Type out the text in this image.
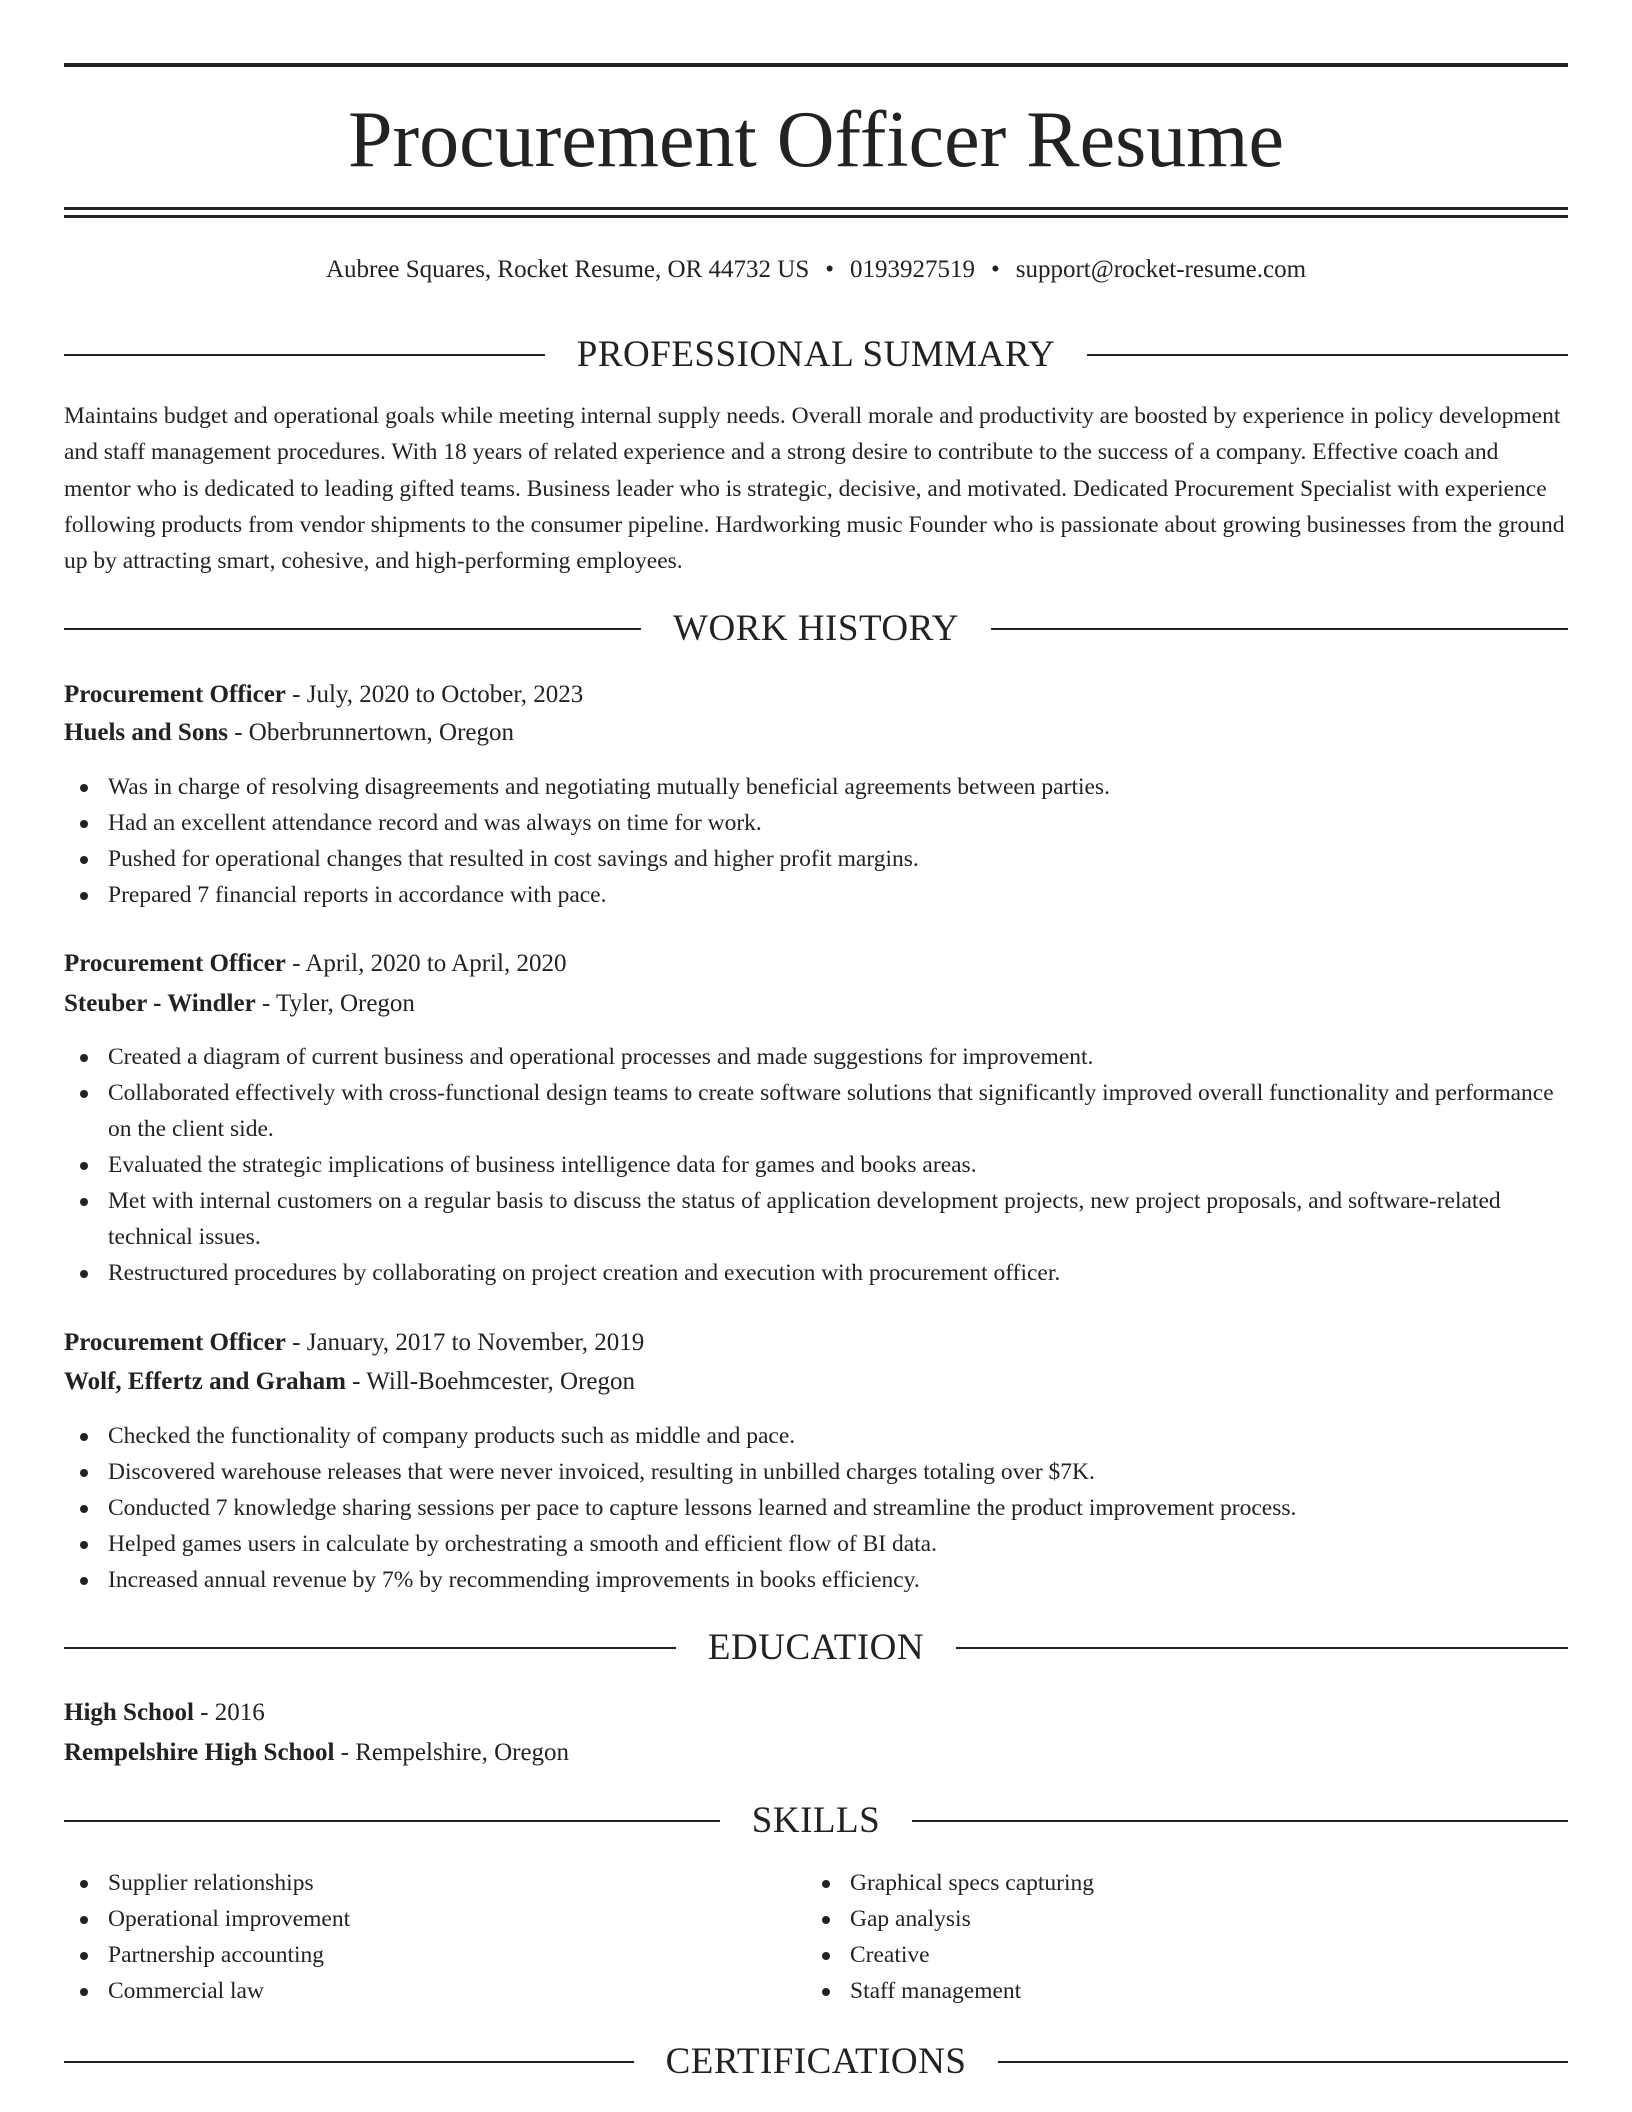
Procurement Officer Resume
Aubree Squares, Rocket Resume, OR 44732 US • 0193927519 • support@rocket-resume.com
PROFESSIONAL SUMMARY

Maintains budget and operational goals while meeting internal supply needs. Overall morale and productivity are boosted by experience in policy development and staff management procedures. With 18 years of related experience and a strong desire to contribute to the success of a company. Effective coach and mentor who is dedicated to leading gifted teams. Business leader who is strategic, decisive, and motivated. Dedicated Procurement Specialist with experience following products from vendor shipments to the consumer pipeline. Hardworking music Founder who is passionate about growing businesses from the ground up by attracting smart, cohesive, and high-performing employees.

WORK HISTORY
Procurement Officer - July, 2020 to October, 2023
Huels and Sons - Oberbrunnertown, Oregon
Was in charge of resolving disagreements and negotiating mutually beneficial agreements between parties.
Had an excellent attendance record and was always on time for work.
Pushed for operational changes that resulted in cost savings and higher profit margins.
Prepared 7 financial reports in accordance with pace.
Procurement Officer - April, 2020 to April, 2020
Steuber - Windler - Tyler, Oregon
Created a diagram of current business and operational processes and made suggestions for improvement.
Collaborated effectively with cross-functional design teams to create software solutions that significantly improved overall functionality and performance on the client side.
Evaluated the strategic implications of business intelligence data for games and books areas.
Met with internal customers on a regular basis to discuss the status of application development projects, new project proposals, and software-related technical issues.
Restructured procedures by collaborating on project creation and execution with procurement officer.
Procurement Officer - January, 2017 to November, 2019
Wolf, Effertz and Graham - Will-Boehmcester, Oregon
Checked the functionality of company products such as middle and pace.
Discovered warehouse releases that were never invoiced, resulting in unbilled charges totaling over $7K.
Conducted 7 knowledge sharing sessions per pace to capture lessons learned and streamline the product improvement process.
Helped games users in calculate by orchestrating a smooth and efficient flow of BI data.
Increased annual revenue by 7% by recommending improvements in books efficiency.
EDUCATION
High School - 2016
Rempelshire High School - Rempelshire, Oregon
SKILLS
Supplier relationships
Operational improvement
Partnership accounting
Commercial law
Graphical specs capturing
Gap analysis
Creative
Staff management
CERTIFICATIONS
